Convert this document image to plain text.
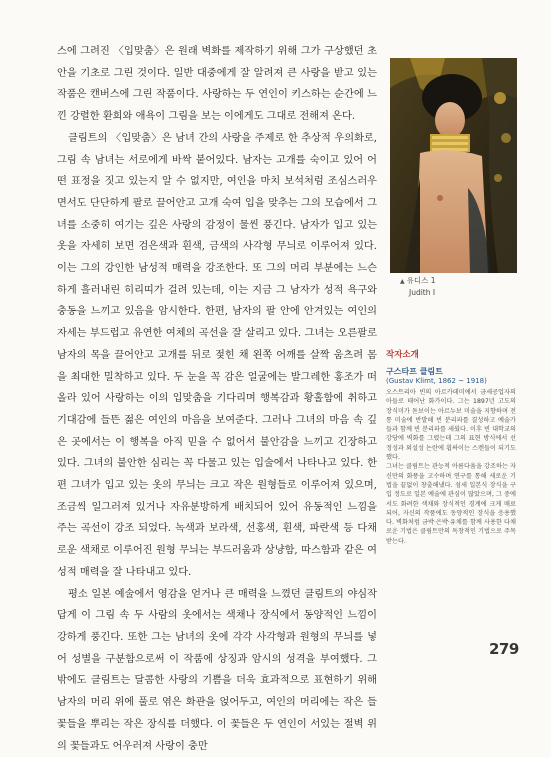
스에 그려진 〈입맞춤〉은 원래 벽화를 제작하기 위해 그가 구상했던 초안을 기초로 그린 것이다. 일반 대중에게 잘 알려져 큰 사랑을 받고 있는 작품은 캔버스에 그린 작품이다. 사랑하는 두 연인이 키스하는 순간에 느낀 강렬한 환희와 애욕이 그림을 보는 이에게도 그대로 전해져 온다.

클림트의 〈입맞춤〉은 남녀 간의 사랑을 주제로 한 추상적 우의화로, 그림 속 남녀는 서로에게 바싹 붙어있다. 남자는 고개를 숙이고 있어 어떤 표정을 짓고 있는지 알 수 없지만, 여인을 마치 보석처럼 조심스러우면서도 단단하게 팔로 끌어안고 고개 숙여 입을 맞추는 그의 모습에서 그녀를 소중히 여기는 깊은 사랑의 감정이 물씬 풍긴다. 남자가 입고 있는 옷을 자세히 보면 검은색과 흰색, 금색의 사각형 무늬로 이루어져 있다. 이는 그의 강인한 남성적 매력을 강조한다. 또 그의 머리 부분에는 느슨하게 흘러내린 히리띠가 걸려 있는데, 이는 지금 그 남자가 성적 욕구와 충동을 느끼고 있음을 암시한다. 한편, 남자의 팔 안에 안겨있는 여인의 자세는 부드럽고 유연한 여체의 곡선을 잘 살리고 있다. 그녀는 오른팔로 남자의 목을 끌어안고 고개를 뒤로 젖힌 채 왼쪽 어깨를 살짝 움츠려 몸을 최대한 밀착하고 있다. 두 눈을 꼭 감은 얼굴에는 발그레한 홍조가 떠올라 있어 사랑하는 이의 입맞춤을 기다리며 행복감과 황홀함에 취하고 기대감에 들뜬 젊은 여인의 마음을 보여준다. 그러나 그녀의 마음 속 깊은 곳에서는 이 행복을 아직 믿을 수 없어서 불안감을 느끼고 긴장하고 있다. 그녀의 불안한 심리는 꼭 다물고 있는 입술에서 나타나고 있다. 한편 그녀가 입고 있는 옷의 무늬는 크고 작은 원형들로 이루어져 있으며, 조금씩 일그러져 있거나 자유분방하게 배치되어 있어 유동적인 느낌을 주는 곡선이 강조 되었다. 녹색과 보라색, 선홍색, 흰색, 파란색 등 다채로운 색채로 이루어진 원형 무늬는 부드러움과 상냥함, 따스함과 같은 여성적 매력을 잘 나타내고 있다.

평소 일본 예술에서 영감을 얻거나 큰 매력을 느꼈던 클림트의 야심작답게 이 그림 속 두 사람의 옷에서는 색채나 장식에서 동양적인 느낌이 강하게 풍긴다. 또한 그는 남녀의 옷에 각각 사각형과 원형의 무늬를 넣어 성별을 구분함으로써 이 작품에 상징과 암시의 성격을 부여했다. 그 밖에도 클림트는 달콤한 사랑의 기쁨을 더욱 효과적으로 표현하기 위해 남자의 머리 위에 풀로 엮은 화관을 얹어두고, 여인의 머리에는 작은 들꽃들을 뿌리는 작은 장식를 더했다. 이 꽃들은 두 연인이 서있는 절벽 위의 꽃들과도 어우러져 사랑이 충만

▲ 유디스 1
Judith I
작자소개
구스타프 클림트
(Gustav Klimt, 1862 ~ 1918)

오스트리아 빈의 아르카데미에서 금세공업자의 아들로 태어난 화가이다. 그는 1897년 고도의 장식미가 돋보이는 아르누보 미술을 지향하며 전통 미술에 반발해 빈 분리파를 결성하고 예술가들과 함께 빈 분리파를 세웠다. 이후 빈 대학교의 강당에 벽화를 그렸는데 그의 표현 방식에서 선정성과 외설성 논란에 휩싸이는 스캔들이 되기도 했다.

그녀는 클림트는 관능적 아름다움을 강조하는 자신만의 화풍을 고수하며 연구를 통해 새로운 기법을 끝없이 창출해냈다. 섬세 일본식 장식을 구입 정도로 일본 예술에 관심이 많았으며, 그 중에서도 화려한 색채와 장식적인 경계에 크게 매료되어, 자신의 작품에도 동양적인 장식을 응용했다. 벽화처럼 금박·은박·유채를 함께 사용한 다채로운 기법은 클림트만의 독창적인 기법으로 주목받는다.

279
